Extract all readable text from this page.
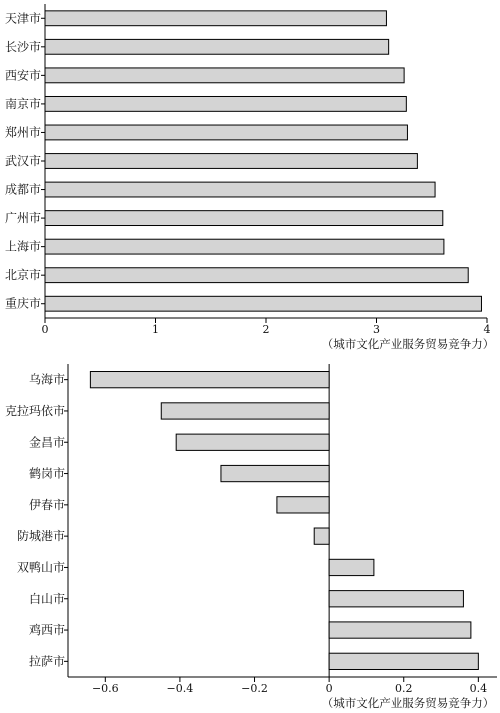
天津市
长沙市
西安市
南京市
郑州市
武汉市
成都市
广州市
上海市
北京市
重庆市
0	1	2	3	4
（城市文化产业服务贸易竞争力）
乌海市
克拉玛依市
金昌市
鹤岗市
伊春市
防城港市
双鸭山市
白山市
鸡西市
拉萨市
−0.6	−0.4	−0.2	0	0.2	0.4
（城市文化产业服务贸易竞争力）
